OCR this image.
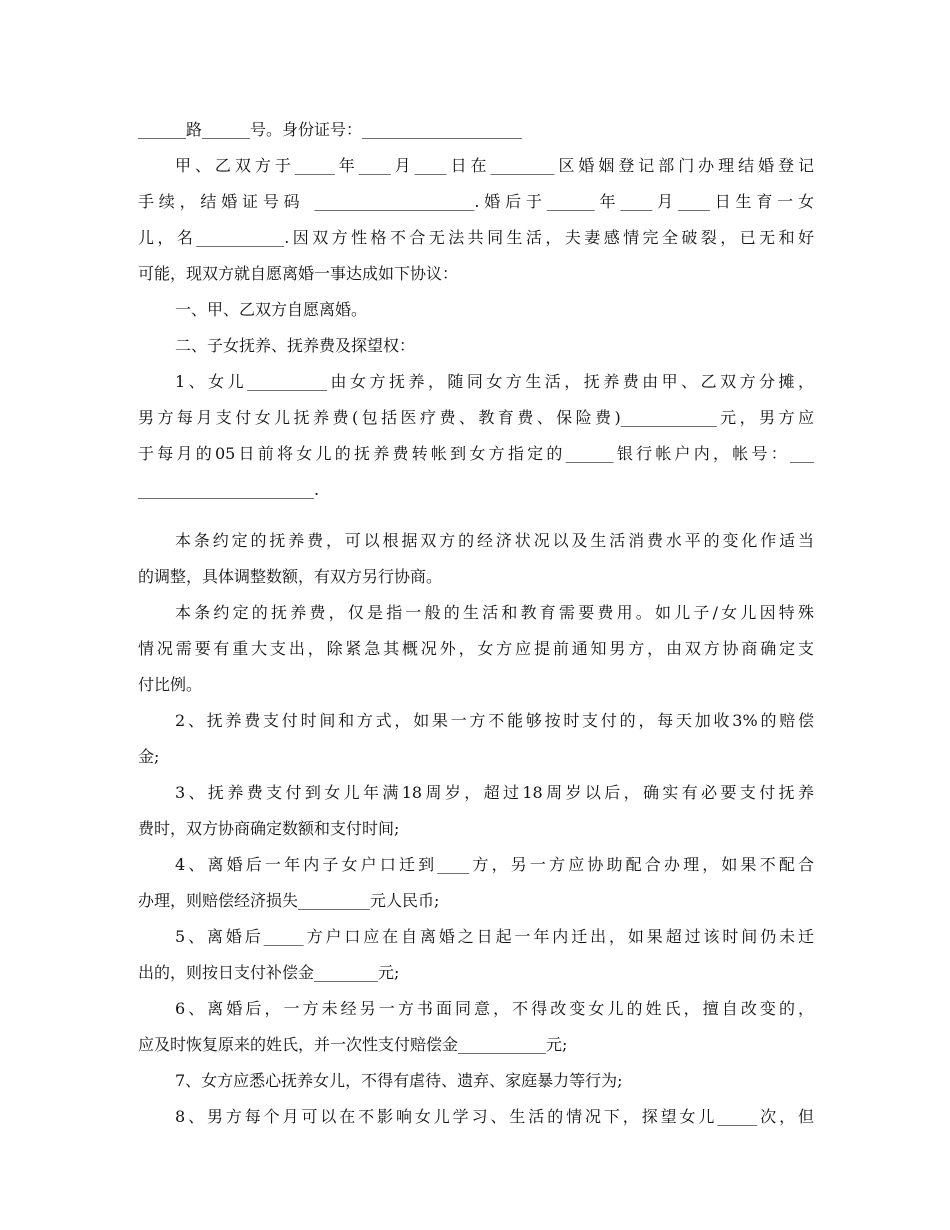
______路______号。身份证号：____________________
甲、乙双方于_____年____月____日在________区婚姻登记部门办理结婚登记
手续，结婚证号码 ____________________.婚后于______年____月____日生育一女
儿，名___________.因双方性格不合无法共同生活，夫妻感情完全破裂，已无和好
可能，现双方就自愿离婚一事达成如下协议：
一、甲、乙双方自愿离婚。
二、子女抚养、抚养费及探望权：
1、女儿__________由女方抚养，随同女方生活，抚养费由甲、乙双方分摊，
男方每月支付女儿抚养费(包括医疗费、教育费、保险费)____________元，男方应
于每月的05日前将女儿的抚养费转帐到女方指定的______银行帐户内，帐号：___
______________________.
本条约定的抚养费，可以根据双方的经济状况以及生活消费水平的变化作适当
的调整，具体调整数额，有双方另行协商。
本条约定的抚养费，仅是指一般的生活和教育需要费用。如儿子/女儿因特殊
情况需要有重大支出，除紧急其概况外，女方应提前通知男方，由双方协商确定支
付比例。
2、抚养费支付时间和方式，如果一方不能够按时支付的，每天加收3%的赔偿
金;
3、抚养费支付到女儿年满18周岁，超过18周岁以后，确实有必要支付抚养
费时，双方协商确定数额和支付时间;
4、离婚后一年内子女户口迁到____方，另一方应协助配合办理，如果不配合
办理，则赔偿经济损失_________元人民币;
5、离婚后_____方户口应在自离婚之日起一年内迁出，如果超过该时间仍未迁
出的，则按日支付补偿金________元;
6、离婚后，一方未经另一方书面同意，不得改变女儿的姓氏，擅自改变的，
应及时恢复原来的姓氏，并一次性支付赔偿金___________元;
7、女方应悉心抚养女儿，不得有虐待、遗弃、家庭暴力等行为;
8、男方每个月可以在不影响女儿学习、生活的情况下，探望女儿_____次，但
